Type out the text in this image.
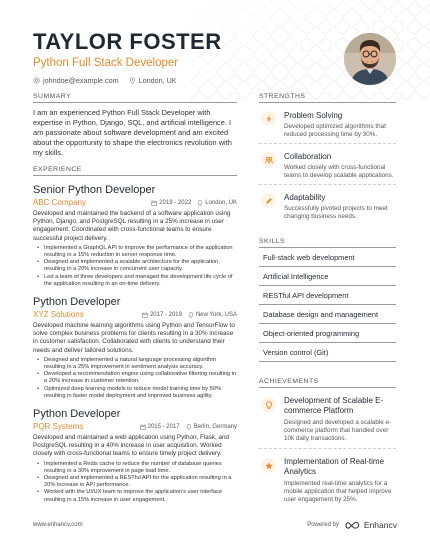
TAYLOR FOSTER
Python Full Stack Developer
johndoe@example.com	London, UK
SUMMARY
I am an experienced Python Full Stack Developer with expertise in Python, Django, SQL, and artificial intelligence. I am passionate about software development and am excited about the opportunity to shape the electronics revolution with my skills.
EXPERIENCE
Senior Python Developer
ABC Company	2019 - 2022 London, UK
Developed and maintained the backend of a software application using Python, Django, and PostgreSQL resulting in a 25% increase in user engagement. Coordinated with cross-functional teams to ensure successful project delivery.
• Implemented a GraphQL API to improve the performance of the application resulting in a 15% reduction in server response time.
• Designed and implemented a scalable architecture for the application, resulting in a 20% increase in concurrent user capacity.
• Led a team of three developers and managed the development life cycle of the application resulting in an on-time delivery.
Python Developer
XYZ Solutions	2017 - 2019 New York, USA
Developed machine learning algorithms using Python and TensorFlow to solve complex business problems for clients resulting in a 30% increase in customer satisfaction. Collaborated with clients to understand their needs and deliver tailored solutions.
• Designed and implemented a natural language processing algorithm resulting in a 25% improvement in sentiment analysis accuracy.
• Developed a recommendation engine using collaborative filtering resulting in a 20% increase in customer retention.
• Optimized deep learning models to reduce model training time by 50% resulting in faster model deployment and improved business agility.
Python Developer
PQR Systems	2015 - 2017 Berlin, Germany
Developed and maintained a web application using Python, Flask, and PostgreSQL resulting in a 40% increase in user acquisition. Worked closely with cross-functional teams to ensure timely project delivery.
• Implemented a Redis cache to reduce the number of database queries resulting in a 30% improvement in page load time.
• Designed and implemented a RESTful API for the application resulting in a 20% increase in API performance.
• Worked with the UI/UX team to improve the application's user interface resulting in a 15% increase in user engagement.
STRENGTHS
Problem Solving
Developed optimized algorithms that reduced processing time by 30%.
Collaboration
Worked closely with cross-functional teams to develop scalable applications.
Adaptability
Successfully pivoted projects to meet changing business needs.
SKILLS
Full-stack web development
Artificial Intelligence
RESTful API development
Database design and management
Object-oriented programming
Version control (Git)
ACHIEVEMENTS
Development of Scalable E-commerce Platform
Designed and developed a scalable e-commerce platform that handled over 10k daily transactions.
Implementation of Real-time Analytics
Implemented real-time analytics for a mobile application that helped improve user engagement by 25%.
www.enhancv.com	Powered by	Enhancv
